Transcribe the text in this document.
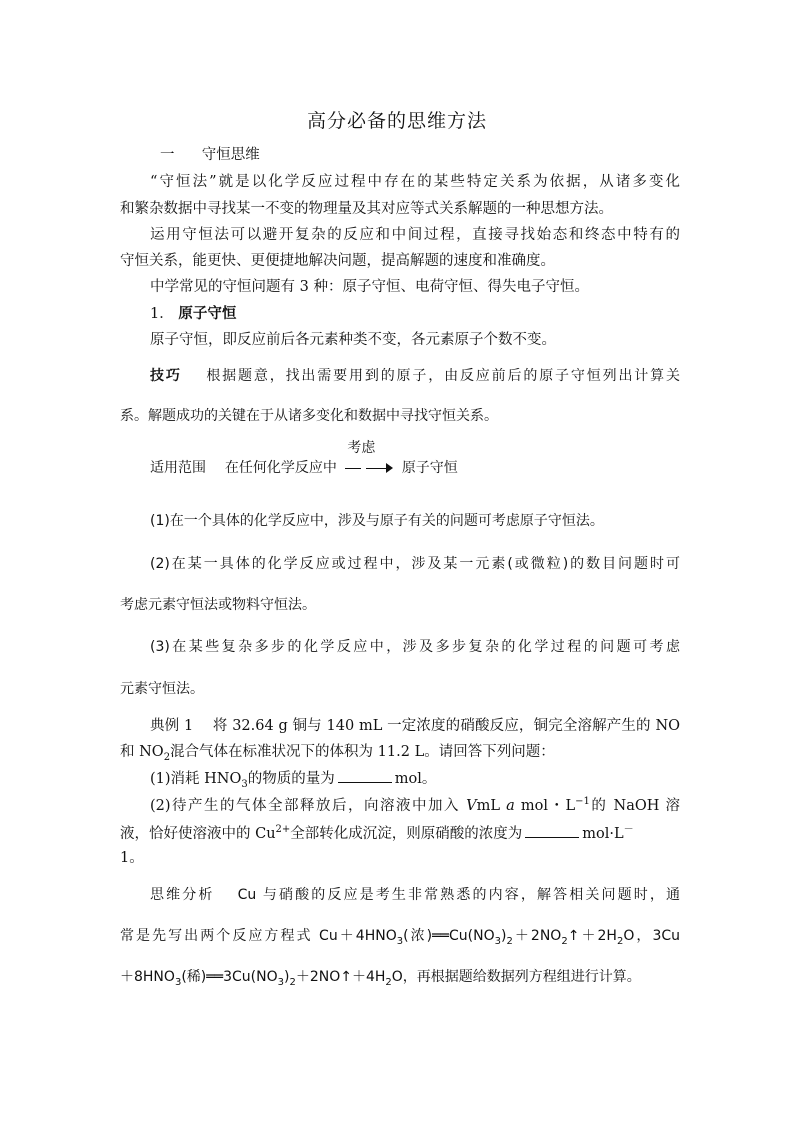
高分必备的思维方法
一 守恒思维
“守恒法”就是以化学反应过程中存在的某些特定关系为依据，从诸多变化
和繁杂数据中寻找某一不变的物理量及其对应等式关系解题的一种思想方法。
运用守恒法可以避开复杂的反应和中间过程，直接寻找始态和终态中特有的
守恒关系，能更快、更便捷地解决问题，提高解题的速度和准确度。
中学常见的守恒问题有 3 种：原子守恒、电荷守恒、得失电子守恒。
1． 原子守恒
原子守恒，即反应前后各元素种类不变，各元素原子个数不变。
技巧 根据题意，找出需要用到的原子，由反应前后的原子守恒列出计算关
系。解题成功的关键在于从诸多变化和数据中寻找守恒关系。
适用范围 在任何化学反应中
考虑
原子守恒
(1)在一个具体的化学反应中，涉及与原子有关的问题可考虑原子守恒法。
(2)在某一具体的化学反应或过程中，涉及某一元素(或微粒)的数目问题时可
考虑元素守恒法或物料守恒法。
(3)在某些复杂多步的化学反应中，涉及多步复杂的化学过程的问题可考虑
元素守恒法。
典例 1 将 32.64 g 铜与 140 mL 一定浓度的硝酸反应，铜完全溶解产生的 NO
和 $NO_2$混合气体在标准状况下的体积为 11.2 L。请回答下列问题：
(1)消耗 $HNO_3$的物质的量为	mol。
(2)待产生的气体全部释放后，向溶液中加入 VmL a mol・$L^{-1}$的 NaOH 溶
液，恰好使溶液中的 $Cu^{2+}$全部转化成沉淀，则原硝酸的浓度为	mol·L－
1。
思维分析 Cu 与硝酸的反应是考生非常熟悉的内容，解答相关问题时，通
常是先写出两个反应方程式 $Cu+4HNO_3$(浓)$══Cu(NO_3)_2+2NO_2↑+2H_2O$，3Cu
$+8HNO_3$(稀)$══3Cu(NO_3)_2+2NO↑+4H_2O$，再根据题给数据列方程组进行计算。
